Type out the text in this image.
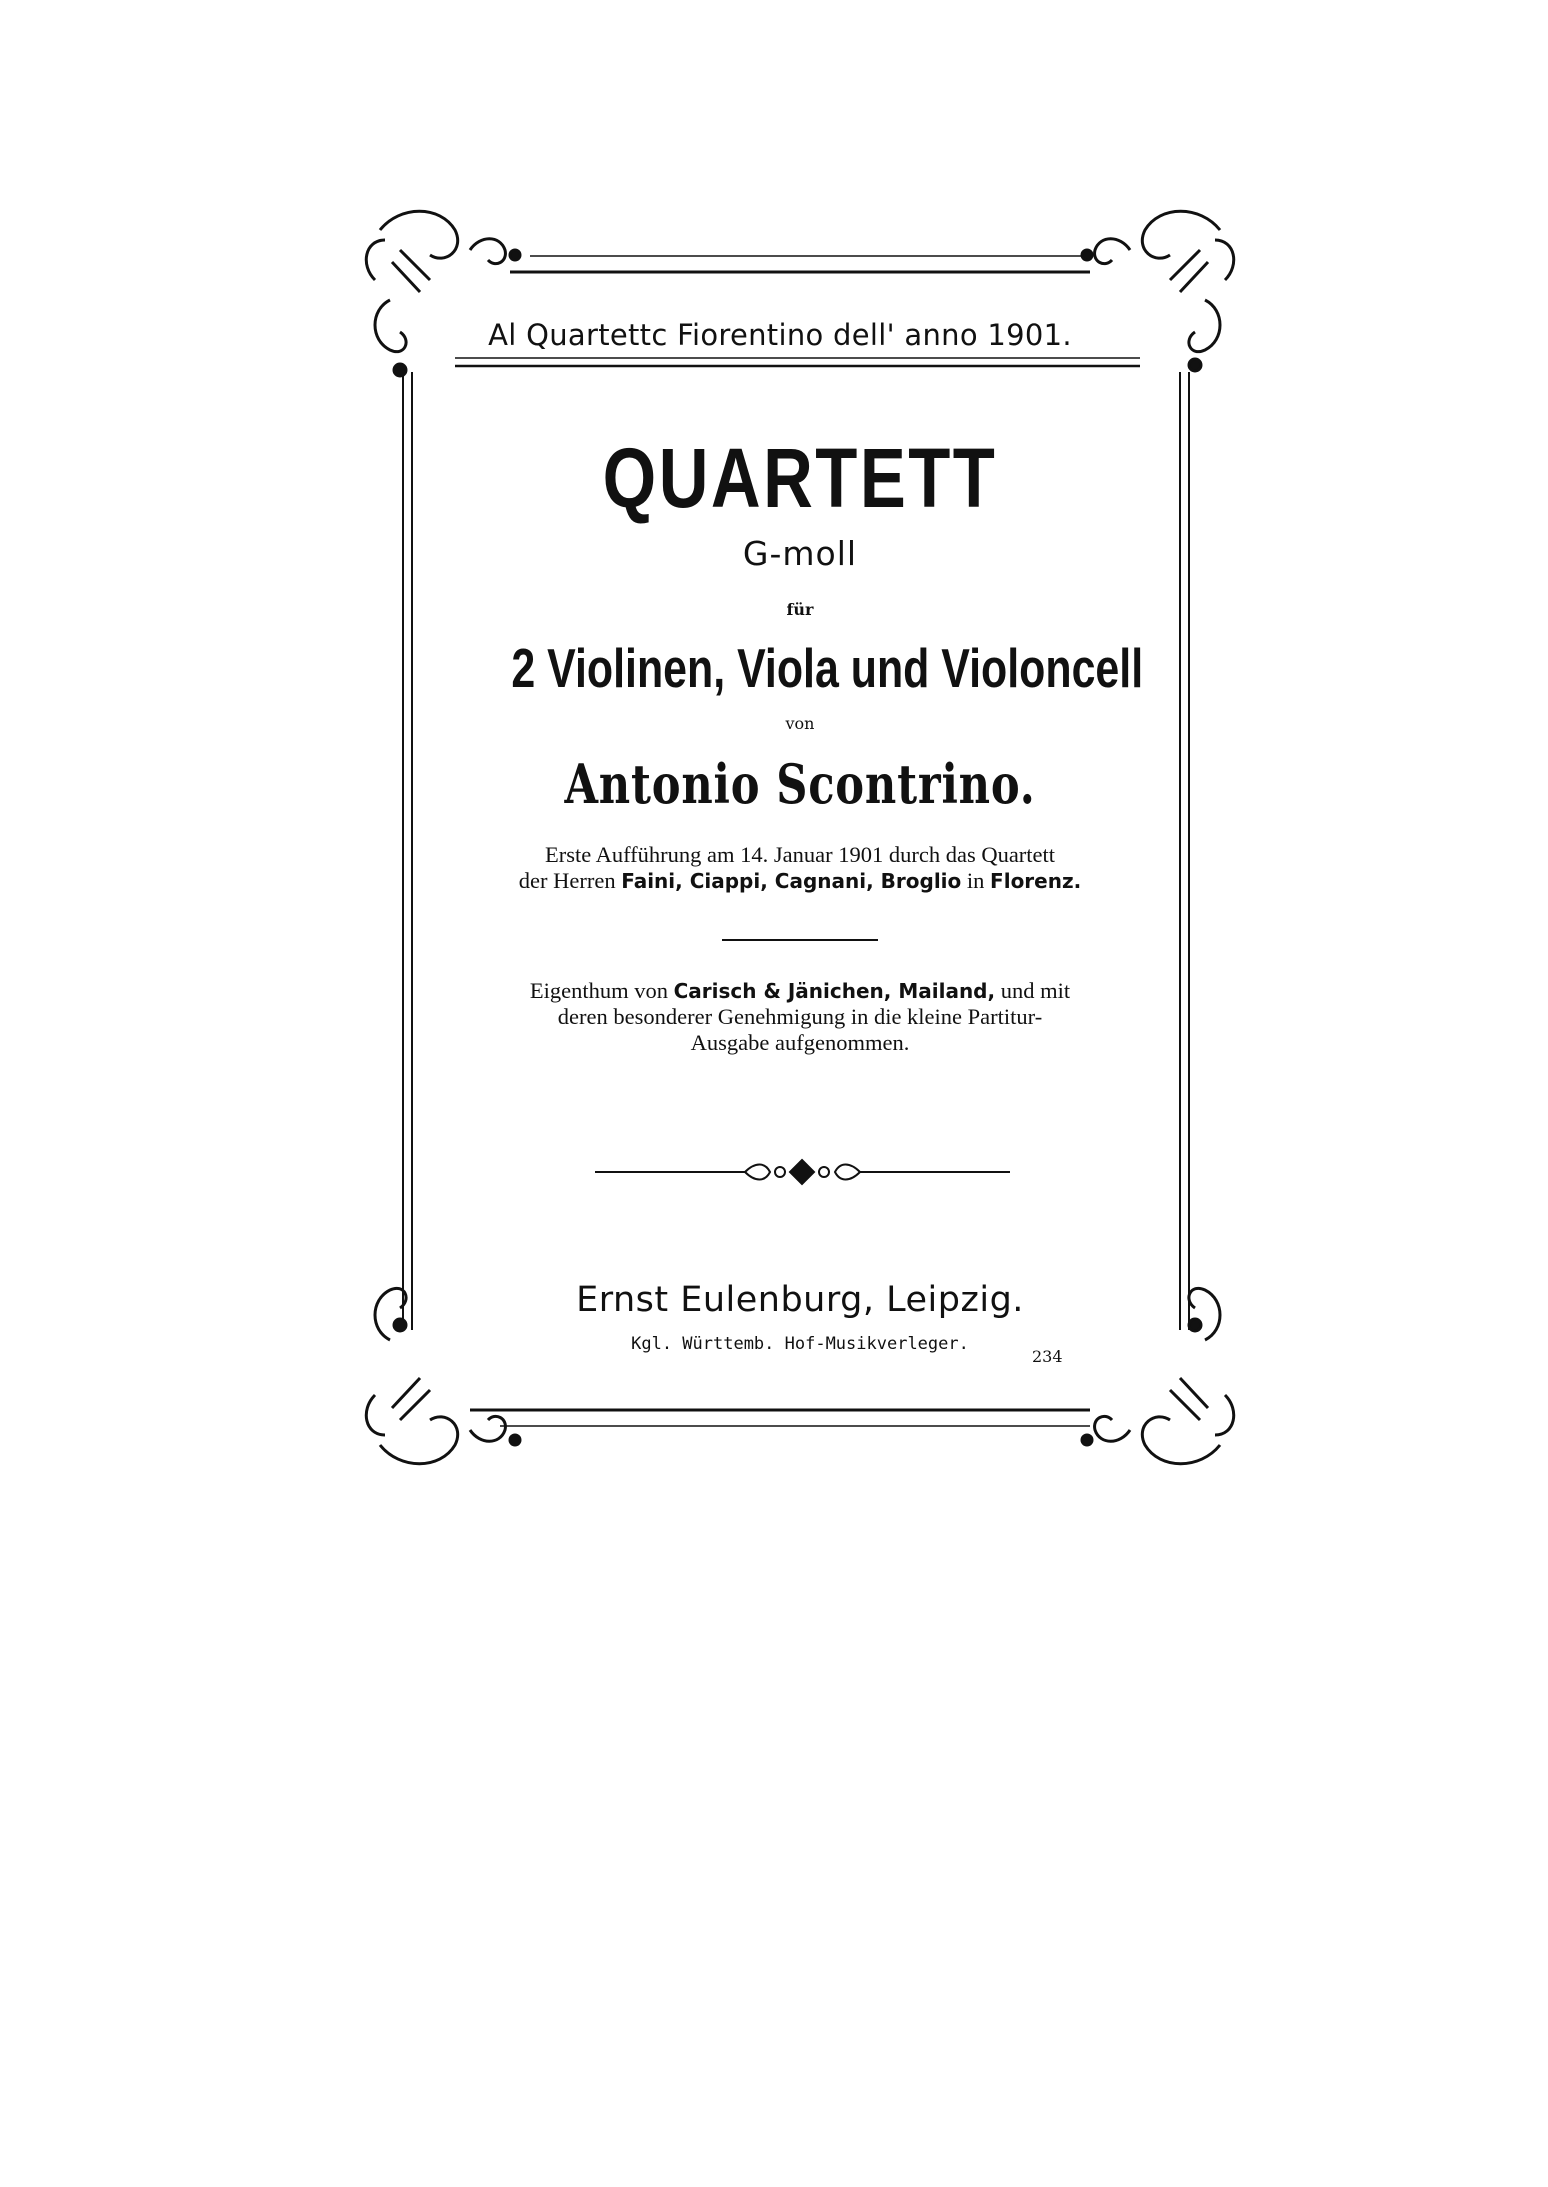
Al Quartettc Fiorentino dell' anno 1901.
QUARTETT
G-moll
für
2 Violinen, Viola und Violoncell
von
Antonio Scontrino.
Erste Aufführung am 14. Januar 1901 durch das Quartett
der Herren Faini, Ciappi, Cagnani, Broglio in Florenz.
Eigenthum von Carisch & Jänichen, Mailand, und mit
deren besonderer Genehmigung in die kleine Partitur-
Ausgabe aufgenommen.
Ernst Eulenburg, Leipzig.
Kgl. Württemb. Hof-Musikverleger.
234
